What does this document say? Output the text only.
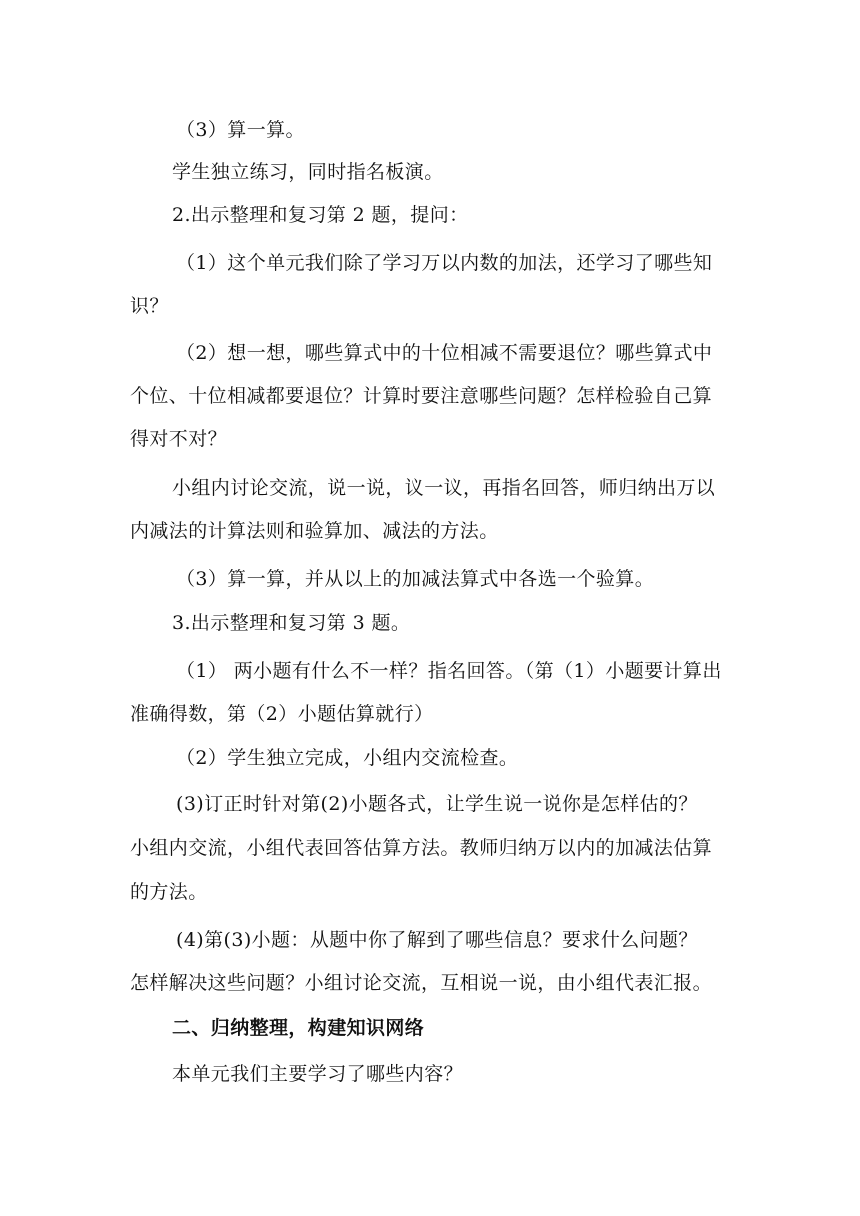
（3）算一算。
学生独立练习，同时指名板演。
2.出示整理和复习第 2 题，提问：
（1）这个单元我们除了学习万以内数的加法，还学习了哪些知
识？
（2）想一想，哪些算式中的十位相减不需要退位？哪些算式中
个位、十位相减都要退位？计算时要注意哪些问题？怎样检验自己算
得对不对？
小组内讨论交流，说一说，议一议，再指名回答，师归纳出万以
内减法的计算法则和验算加、减法的方法。
（3）算一算，并从以上的加减法算式中各选一个验算。
3.出示整理和复习第 3 题。
（1） 两小题有什么不一样？指名回答。（第（1）小题要计算出
准确得数，第（2）小题估算就行）
（2）学生独立完成，小组内交流检查。
(3)订正时针对第(2)小题各式，让学生说一说你是怎样估的？
小组内交流，小组代表回答估算方法。教师归纳万以内的加减法估算
的方法。
(4)第(3)小题：从题中你了解到了哪些信息？要求什么问题？
怎样解决这些问题？小组讨论交流，互相说一说，由小组代表汇报。
二、归纳整理，构建知识网络
本单元我们主要学习了哪些内容？
